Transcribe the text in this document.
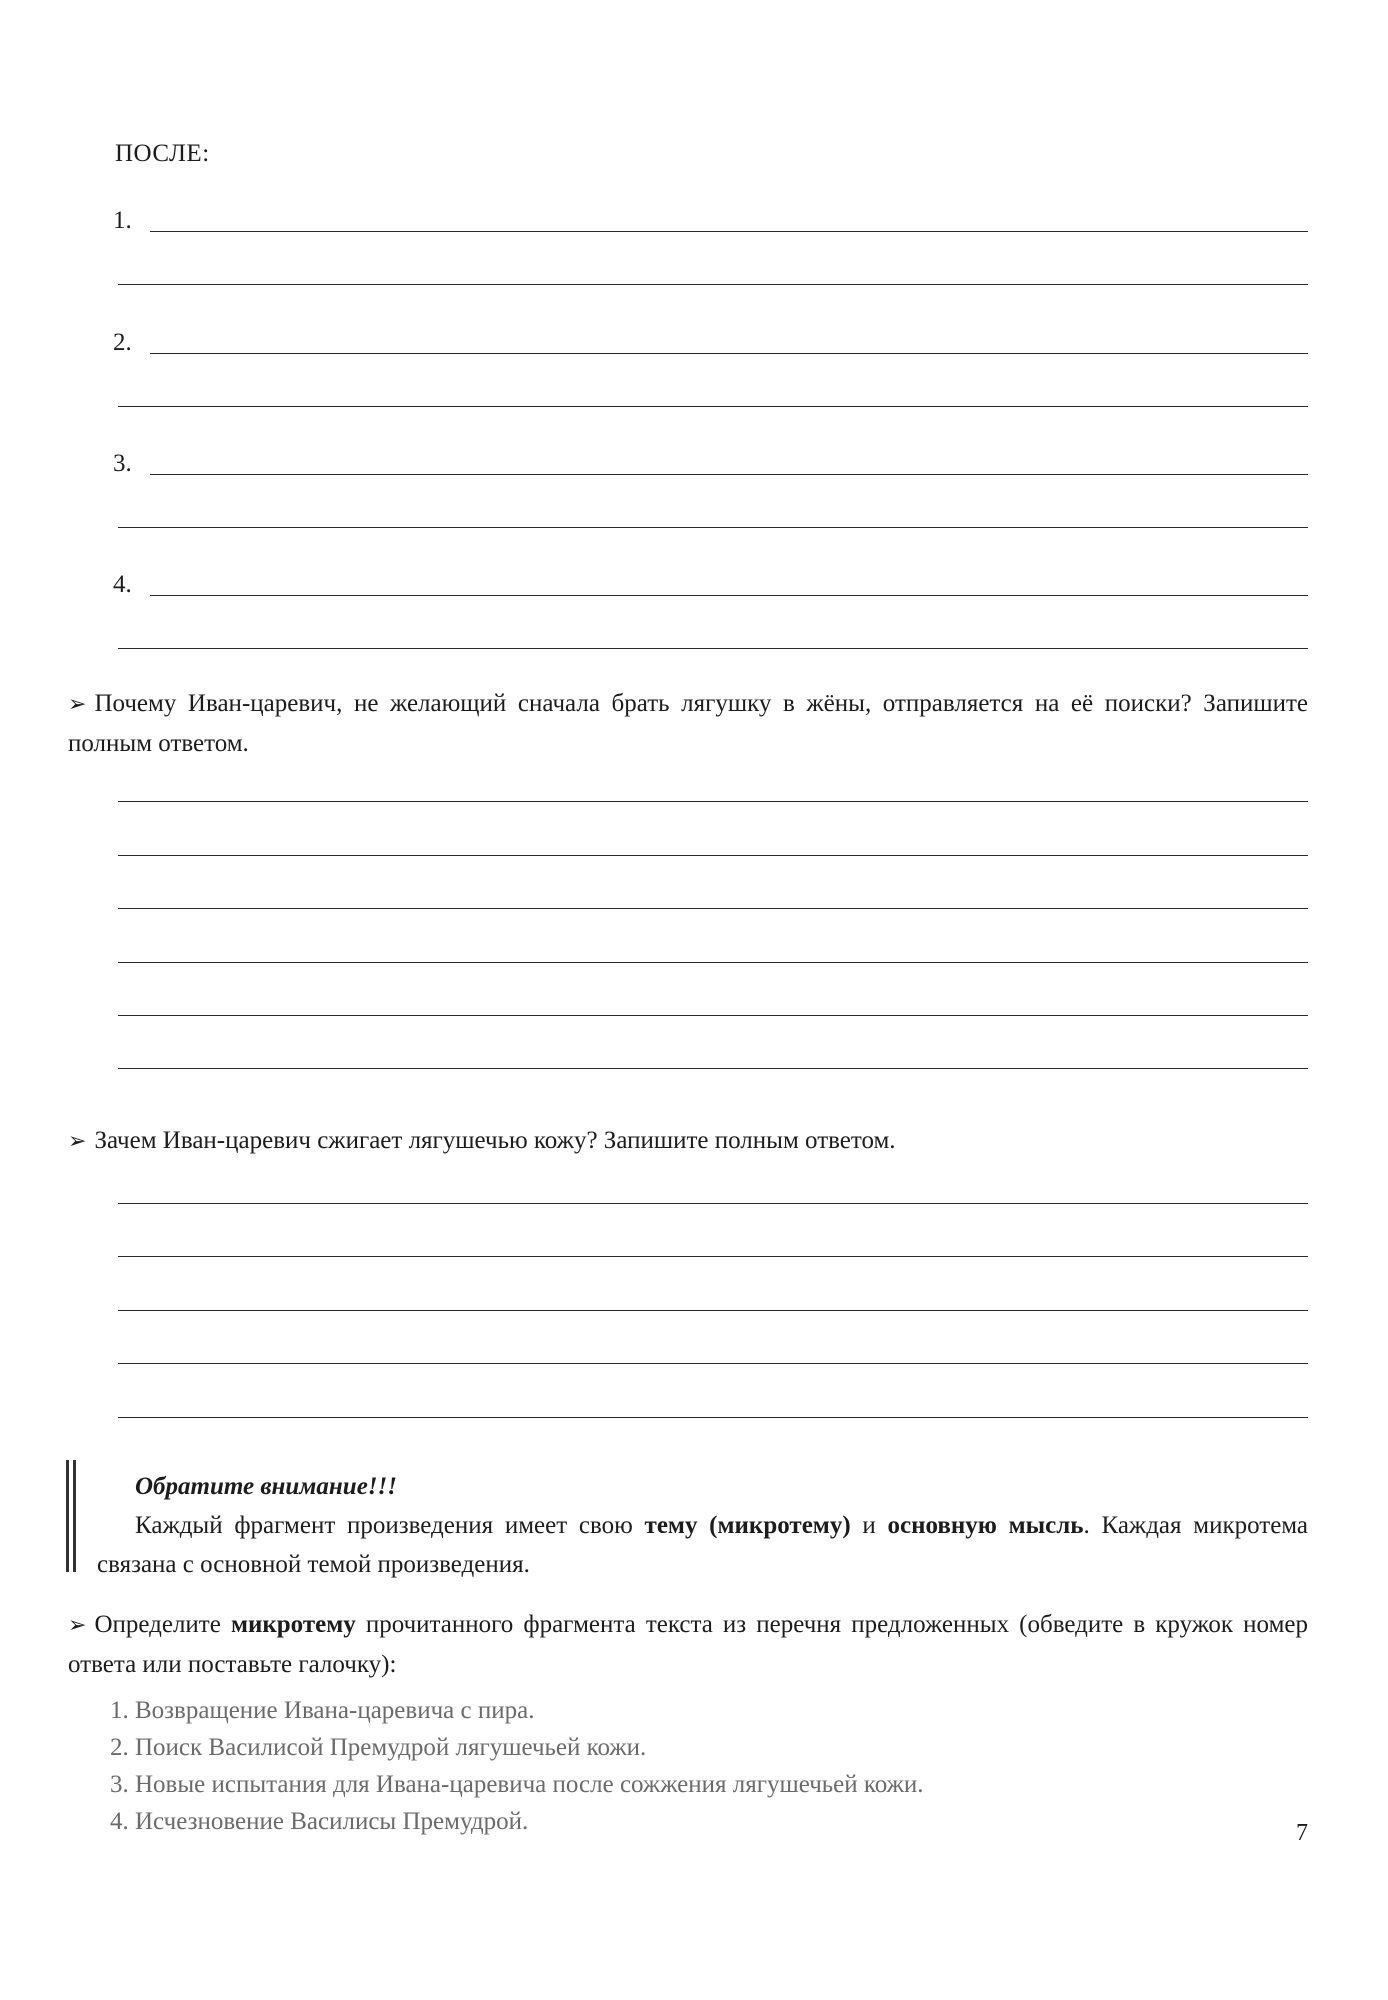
ПОСЛЕ:
1.
2.
3.
4.
➢ Почему Иван-царевич, не желающий сначала брать лягушку в жёны, отправляется на её поиски? Запишите полным ответом.
➢ Зачем Иван-царевич сжигает лягушечью кожу? Запишите полным ответом.
Обратите внимание!!!
Каждый фрагмент произведения имеет свою тему (микротему) и основную мысль. Каждая микротема связана с основной темой произведения.
➢ Определите микротему прочитанного фрагмента текста из перечня предложенных (обведите в кружок номер ответа или поставьте галочку):
1. Возвращение Ивана-царевича с пира.
2. Поиск Василисой Премудрой лягушечьей кожи.
3. Новые испытания для Ивана-царевича после сожжения лягушечьей кожи.
4. Исчезновение Василисы Премудрой.	7
